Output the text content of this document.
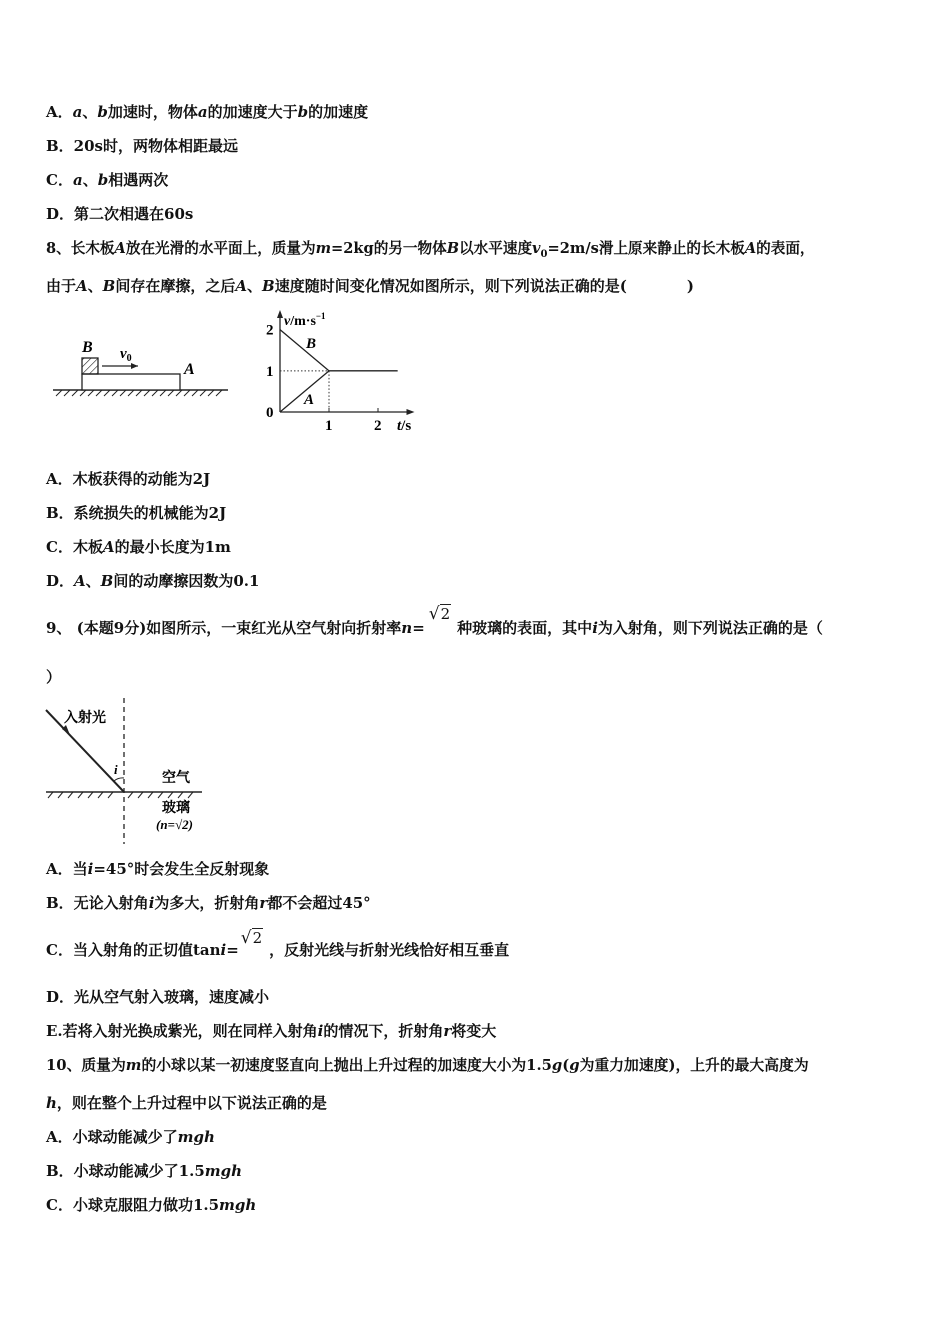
A．a、b加速时，物体a的加速度大于b的加速度
B．20s时，两物体相距最远
C．a、b相遇两次
D．第二次相遇在60s
8、长木板A放在光滑的水平面上，质量为m=2kg的另一物体B以水平速度$v_0=2m/s$滑上原来静止的长木板A的表面，
由于A、B间存在摩擦，之后A、B速度随时间变化情况如图所示，则下列说法正确的是(　　　　)
B $v_0$
A
0
1
2
1	2
$v/m\cdot s^{-1}$
t/s
B
A
A．木板获得的动能为2J
B．系统损失的机械能为2J
C．木板A的最小长度为1m
D．A、B间的动摩擦因数为0.1
9、 (本题9分)如图所示，一束红光从空气射向折射率n=√2种玻璃的表面，其中i为入射角，则下列说法正确的是（
）
i
入射光
空气
玻璃
(n=√2)
A．当i=45°时会发生全反射现象
B．无论入射角i为多大，折射角r都不会超过45°
C．当入射角的正切值tani=√2，反射光线与折射光线恰好相互垂直
D．光从空气射入玻璃，速度减小
E.若将入射光换成紫光，则在同样入射角i的情况下，折射角r将变大
10、质量为m的小球以某一初速度竖直向上抛出上升过程的加速度大小为1.5g(g为重力加速度)，上升的最大高度为
h，则在整个上升过程中以下说法正确的是
A．小球动能减少了mgh
B．小球动能减少了1.5mgh
C．小球克服阻力做功1.5mgh
